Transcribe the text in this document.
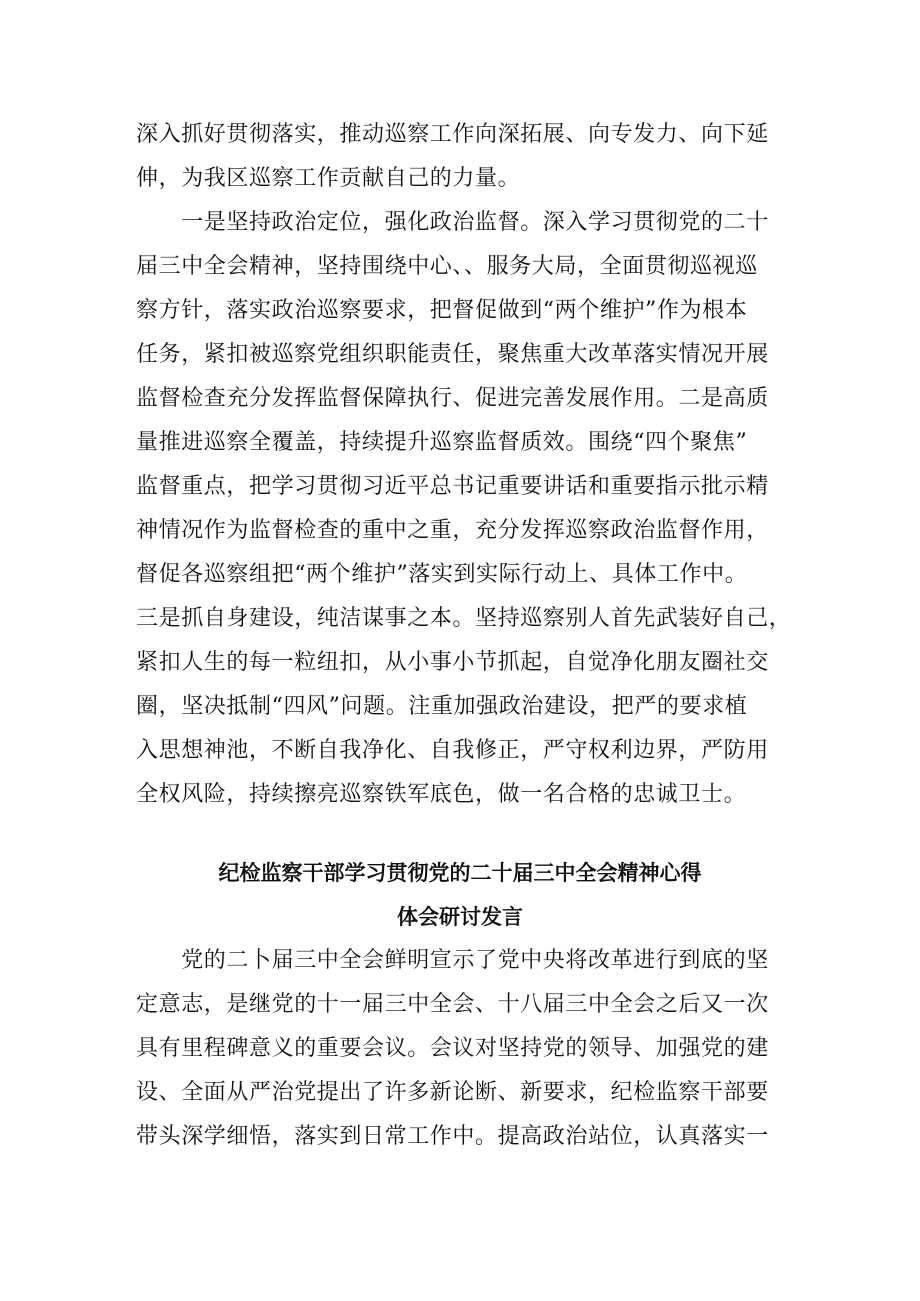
深入抓好贯彻落实，推动巡察工作向深拓展、向专发力、向下延
伸，为我区巡察工作贡献自己的力量。
　　一是坚持政治定位，强化政治监督。深入学习贯彻党的二十
届三中全会精神，坚持围绕中心、、服务大局，全面贯彻巡视巡
察方针，落实政治巡察要求，把督促做到“两个维护”作为根本
任务，紧扣被巡察党组织职能责任，聚焦重大改革落实情况开展
监督检查充分发挥监督保障执行、促进完善发展作用。二是高质
量推进巡察全覆盖，持续提升巡察监督质效。围绕“四个聚焦”
监督重点，把学习贯彻习近平总书记重要讲话和重要指示批示精
神情况作为监督检查的重中之重，充分发挥巡察政治监督作用，
督促各巡察组把“两个维护”落实到实际行动上、具体工作中。
三是抓自身建设，纯洁谋事之本。坚持巡察别人首先武装好自己，
紧扣人生的每一粒纽扣，从小事小节抓起，自觉净化朋友圈社交
圈，坚决抵制“四风”问题。注重加强政治建设，把严的要求植
入思想神池，不断自我净化、自我修正，严守权利边界，严防用
全权风险，持续擦亮巡察铁军底色，做一名合格的忠诚卫士。
纪检监察干部学习贯彻党的二十届三中全会精神心得
体会研讨发言
　　党的二卜届三中全会鲜明宣示了党中央将改革进行到底的坚
定意志，是继党的十一届三中全会、十八届三中全会之后又一次
具有里程碑意义的重要会议。会议对坚持党的领导、加强党的建
设、全面从严治党提出了许多新论断、新要求，纪检监察干部要
带头深学细悟，落实到日常工作中。提高政治站位，认真落实一
